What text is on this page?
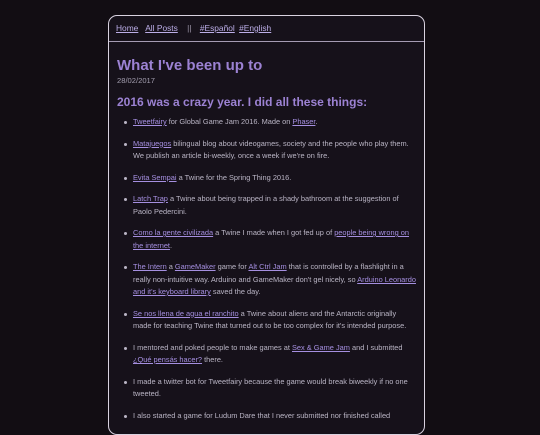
Home All Posts || #Español #English
What I've been up to
28/02/2017
2016 was a crazy year. I did all these things:
Tweetfairy for Global Game Jam 2016. Made on Phaser.
Matajuegos bilingual blog about videogames, society and the people who play them. We publish an article bi-weekly, once a week if we're on fire.
Evita Sempai a Twine for the Spring Thing 2016.
Latch Trap a Twine about being trapped in a shady bathroom at the suggestion of Paolo Pedercini.
Como la gente civilizada a Twine I made when I got fed up of people being wrong on the internet.
The Intern a GameMaker game for Alt Ctrl Jam that is controlled by a flashlight in a really non-intuitive way. Arduino and GameMaker don't gel nicely, so Arduino Leonardo and it's keyboard library saved the day.
Se nos llena de agua el ranchito a Twine about aliens and the Antarctic originally made for teaching Twine that turned out to be too complex for it's intended purpose.
I mentored and poked people to make games at Sex & Game Jam and I submitted ¿Qué pensás hacer? there.
I made a twitter bot for Tweetfairy because the game would break biweekly if no one tweeted.
I also started a game for Ludum Dare that I never submitted nor finished called
